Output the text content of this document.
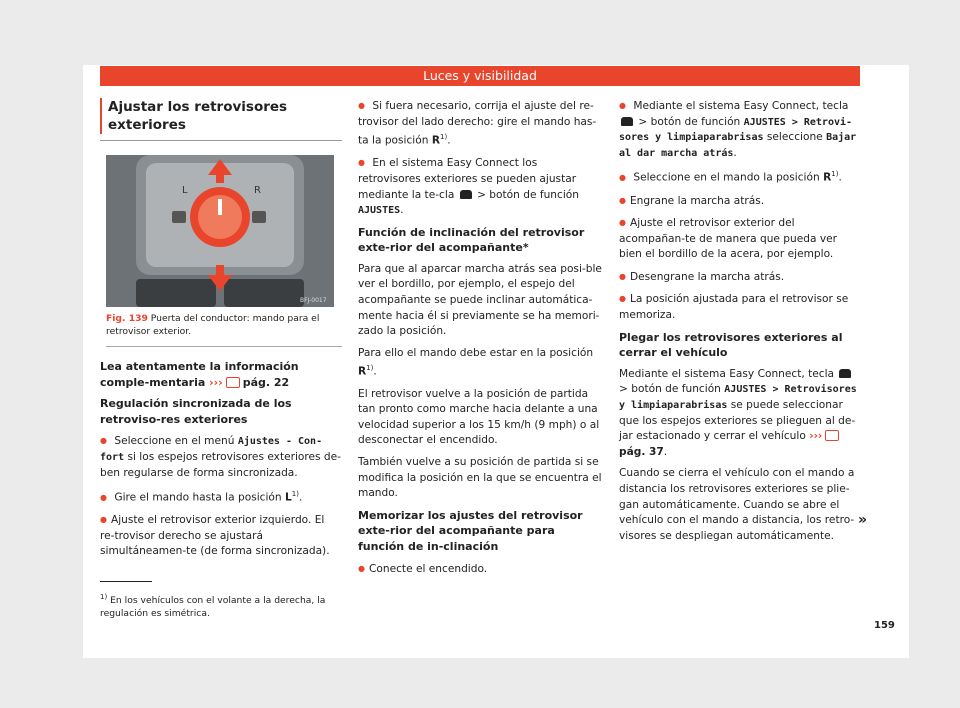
Luces y visibilidad
Ajustar los retrovisores exteriores
L	R
BFJ-0017
Fig. 139 Puerta del conductor: mando para el retrovisor exterior.

Lea atentamente la información comple-mentaria ››› pág. 22

Regulación sincronizada de los retroviso-res exteriores

● Seleccione en el menú Ajustes - Con-fort si los espejos retrovisores exteriores de-ben regularse de forma sincronizada.

● Gire el mando hasta la posición $L^{1)}$.

● Ajuste el retrovisor exterior izquierdo. El re-trovisor derecho se ajustará simultáneamen-te (de forma sincronizada).

● Si fuera necesario, corrija el ajuste del re-trovisor del lado derecho: gire el mando has-ta la posición $R^{1)}$.

● En el sistema Easy Connect los retrovisores exteriores se pueden ajustar mediante la te-cla > botón de función AJUSTES.

Función de inclinación del retrovisor exte-rior del acompañante*

Para que al aparcar marcha atrás sea posi-ble ver el bordillo, por ejemplo, el espejo del acompañante se puede inclinar automática-mente hacia él si previamente se ha memori-zado la posición.

Para ello el mando debe estar en la posición $R^{1)}$.

El retrovisor vuelve a la posición de partida tan pronto como marche hacia delante a una velocidad superior a los 15 km/h (9 mph) o al desconectar el encendido.

También vuelve a su posición de partida si se modifica la posición en la que se encuentra el mando.

Memorizar los ajustes del retrovisor exte-rior del acompañante para función de in-clinación

● Conecte el encendido.

● Mediante el sistema Easy Connect, tecla  > botón de función AJUSTES > Retrovi-sores y limpiaparabrisas seleccione Bajar al dar marcha atrás.

● Seleccione en el mando la posición $R^{1)}$.

● Engrane la marcha atrás.

● Ajuste el retrovisor exterior del acompañan-te de manera que pueda ver bien el bordillo de la acera, por ejemplo.

● Desengrane la marcha atrás.

● La posición ajustada para el retrovisor se memoriza.

Plegar los retrovisores exteriores al cerrar el vehículo

Mediante el sistema Easy Connect, tecla  > botón de función AJUSTES > Retrovisores y limpiaparabrisas se puede seleccionar que los espejos exteriores se plieguen al de-jar estacionado y cerrar el vehículo ›››pág. 37.

Cuando se cierra el vehículo con el mando a distancia los retrovisores exteriores se plie-gan automáticamente. Cuando se abre el vehículo con el mando a distancia, los retro-visores se despliegan automáticamente.

»
$^{1)}$ En los vehículos con el volante a la derecha, la regulación es simétrica.
159
